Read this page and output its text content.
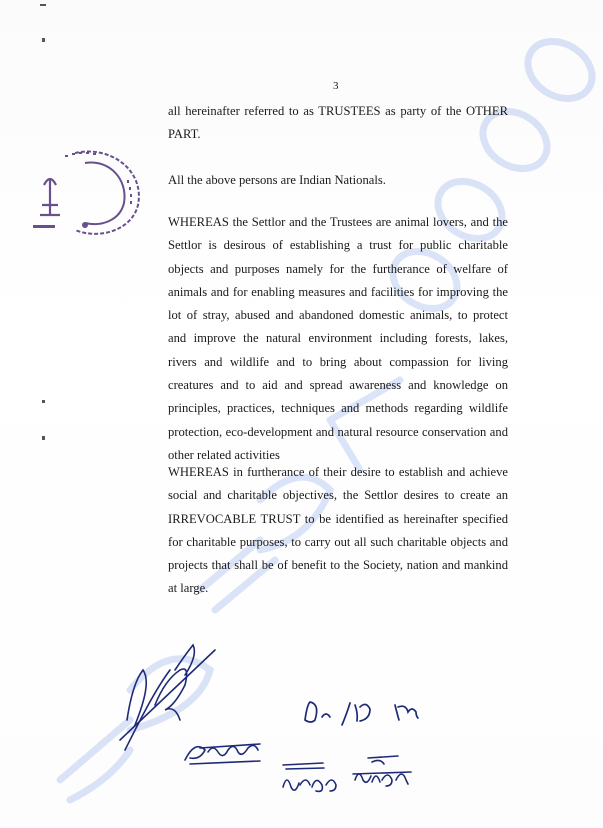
3
all hereinafter referred to as TRUSTEES as party of the OTHER PART.
All the above persons are Indian Nationals.
WHEREAS the Settlor and the Trustees are animal lovers, and the Settlor is desirous of establishing a trust for public charitable objects and purposes namely for the furtherance of welfare of animals and for enabling measures and facilities for improving the lot of stray, abused and abandoned domestic animals, to protect and improve the natural environment including forests, lakes, rivers and wildlife and to bring about compassion for living creatures and to aid and spread awareness and knowledge on principles, practices, techniques and methods regarding wildlife protection, eco-development and natural resource conservation and other related activities
WHEREAS in furtherance of their desire to establish and achieve social and charitable objectives, the Settlor desires to create an IRREVOCABLE TRUST to be identified as hereinafter specified for charitable purposes, to carry out all such charitable objects and projects that shall be of benefit to the Society, nation and mankind at large.
